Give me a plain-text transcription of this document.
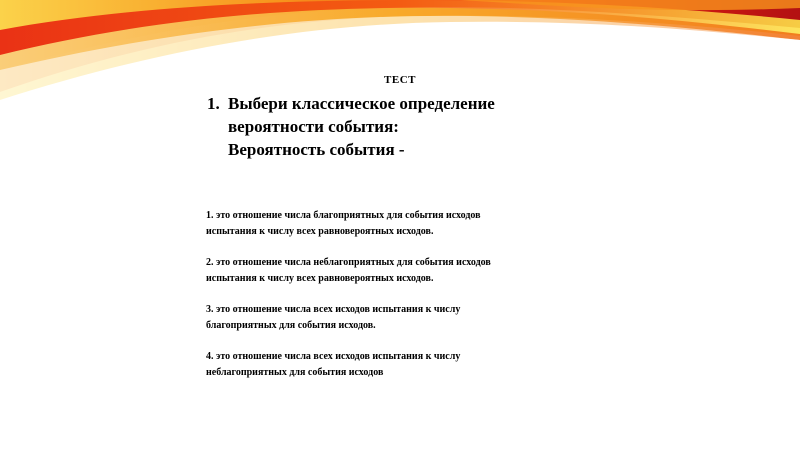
ТЕСТ
1. Выбери классическое определение
вероятности события:
Вероятность события -
1. это отношение числа благоприятных для события исходов
испытания к числу всех равновероятных исходов.
2. это отношение числа неблагоприятных для события исходов
испытания к числу всех равновероятных исходов.
3. это отношение числа всех исходов испытания к числу
благоприятных для события исходов.
4. это отношение числа всех исходов испытания к числу
неблагоприятных для события исходов
